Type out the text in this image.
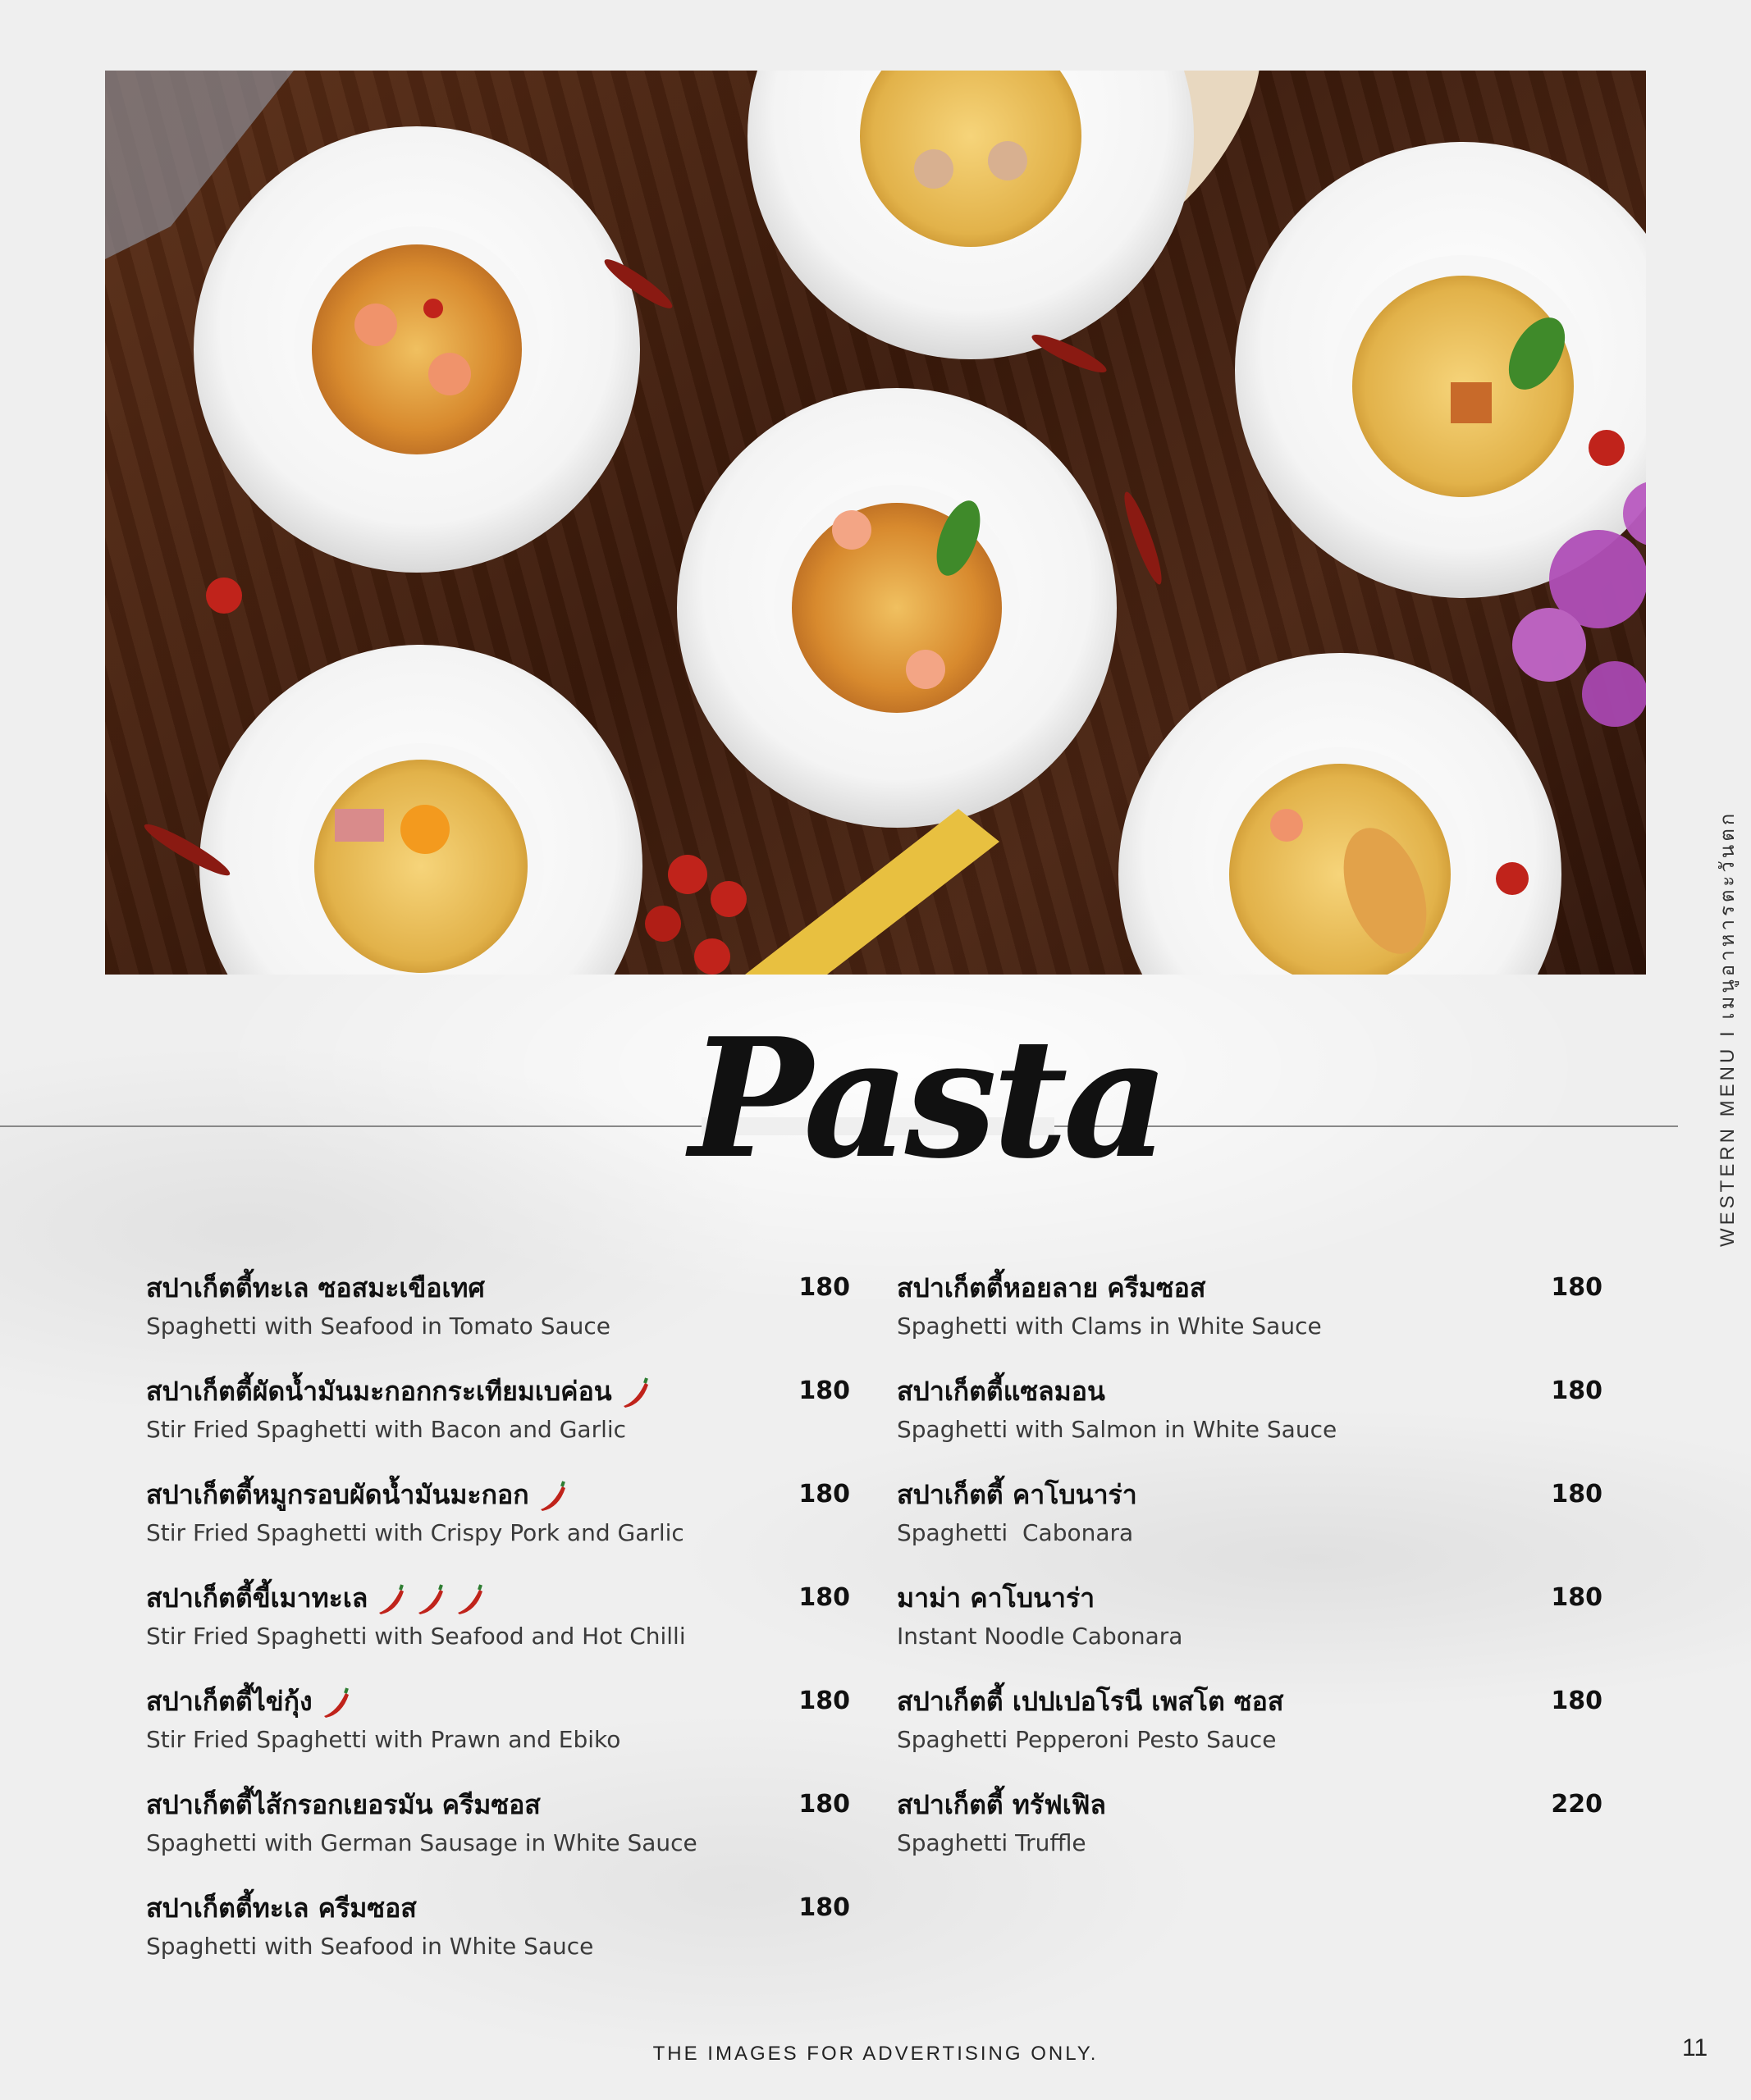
Pasta	WESTERN MENU I เมนูอาหารตะวันตก
สปาเก็ตตี้ทะเล ซอสมะเขือเทศ
Spaghetti with Seafood in Tomato Sauce
180
สปาเก็ตตี้ผัดน้ำมันมะกอกกระเทียมเบค่อน
Stir Fried Spaghetti with Bacon and Garlic
180
สปาเก็ตตี้หมูกรอบผัดน้ำมันมะกอก
Stir Fried Spaghetti with Crispy Pork and Garlic
180
สปาเก็ตตี้ขี้เมาทะเล
Stir Fried Spaghetti with Seafood and Hot Chilli
180
สปาเก็ตตี้ไข่กุ้ง
Stir Fried Spaghetti with Prawn and Ebiko
180
สปาเก็ตตี้ไส้กรอกเยอรมัน ครีมซอส
Spaghetti with German Sausage in White Sauce
180
สปาเก็ตตี้ทะเล ครีมซอส
Spaghetti with Seafood in White Sauce
180
สปาเก็ตตี้หอยลาย ครีมซอส
Spaghetti with Clams in White Sauce
180
สปาเก็ตตี้แซลมอน
Spaghetti with Salmon in White Sauce
180
สปาเก็ตตี้ คาโบนาร่า
Spaghetti  Cabonara
180
มาม่า คาโบนาร่า
Instant Noodle Cabonara
180
สปาเก็ตตี้ เปปเปอโรนี เพสโต ซอส
Spaghetti Pepperoni Pesto Sauce
180
สปาเก็ตตี้ ทรัฟเฟิล
Spaghetti Truffle
220
THE IMAGES FOR ADVERTISING ONLY.	11
